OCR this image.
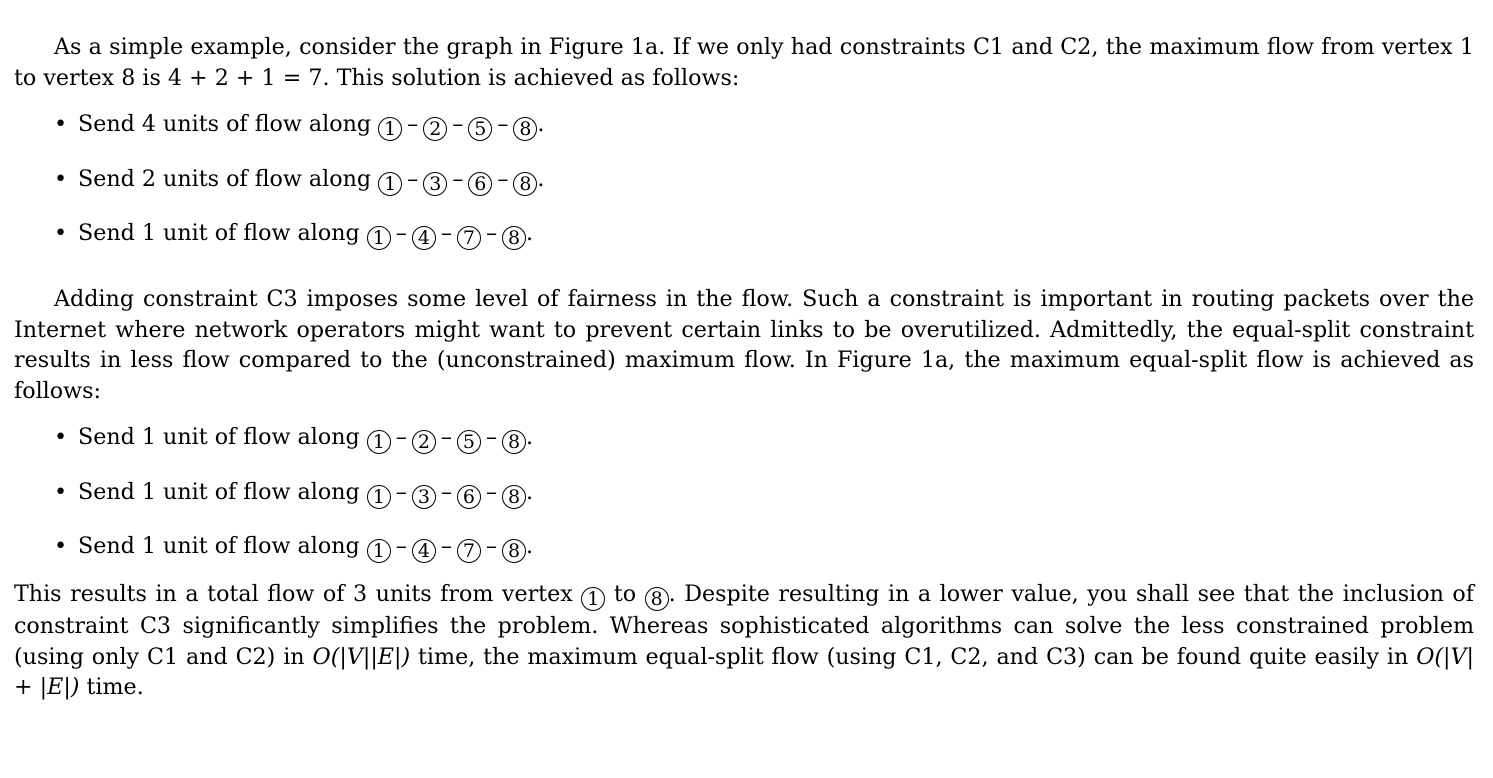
As a simple example, consider the graph in Figure 1a. If we only had constraints C1 and C2, the maximum flow from vertex 1 to vertex 8 is 4 + 2 + 1 = 7. This solution is achieved as follows:

• Send 4 units of flow along 1 – 2 – 5 – 8 .
• Send 2 units of flow along 1 – 3 – 6 – 8 .
• Send 1 unit of flow along 1 – 4 – 7 – 8 .

Adding constraint C3 imposes some level of fairness in the flow. Such a constraint is important in routing packets over the Internet where network operators might want to prevent certain links to be overutilized. Admittedly, the equal-split constraint results in less flow compared to the (unconstrained) maximum flow. In Figure 1a, the maximum equal-split flow is achieved as follows:

• Send 1 unit of flow along 1 – 2 – 5 – 8 .
• Send 1 unit of flow along 1 – 3 – 6 – 8 .
• Send 1 unit of flow along 1 – 4 – 7 – 8 .

This results in a total flow of 3 units from vertex 1 to 8 . Despite resulting in a lower value, you shall see that the inclusion of constraint C3 significantly simplifies the problem. Whereas sophisticated algorithms can solve the less constrained problem (using only C1 and C2) in O(|V||E|) time, the maximum equal-split flow (using C1, C2, and C3) can be found quite easily in O(|V| + |E|) time.
